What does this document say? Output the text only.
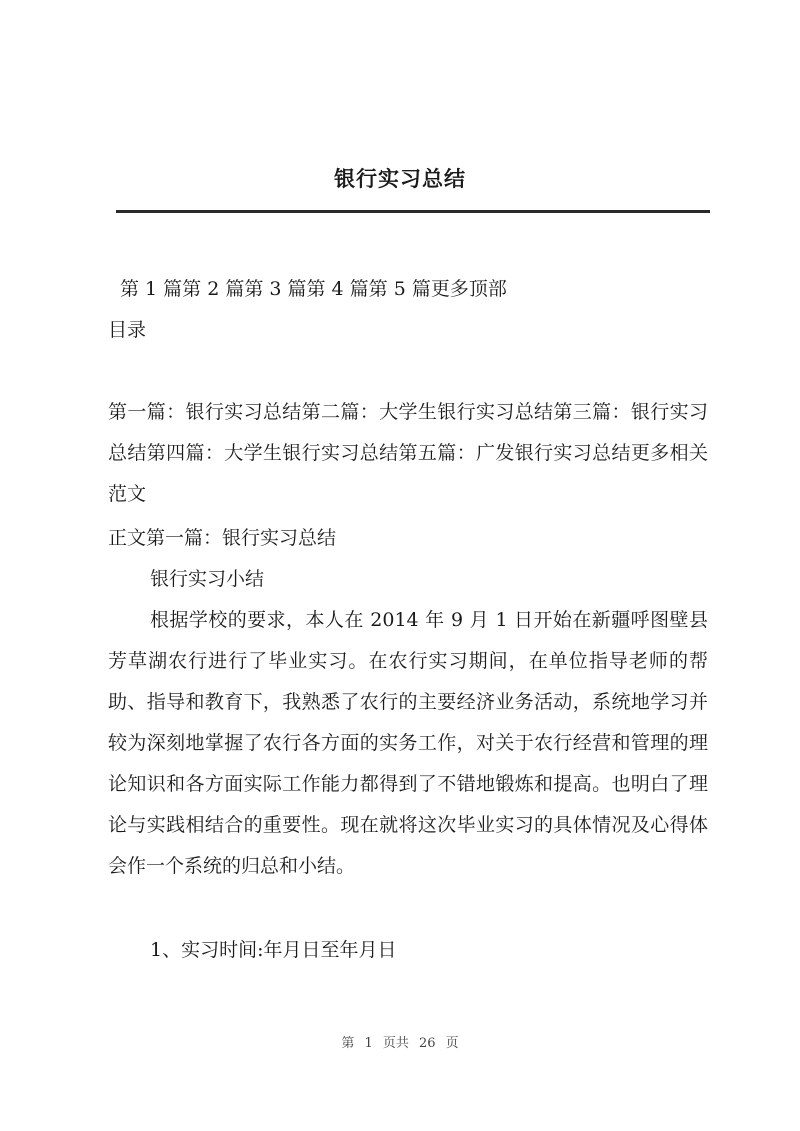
银行实习总结
第 1 篇第 2 篇第 3 篇第 4 篇第 5 篇更多顶部
目录
第一篇：银行实习总结第二篇：大学生银行实习总结第三篇：银行实习总结第四篇：大学生银行实习总结第五篇：广发银行实习总结更多相关范文
正文第一篇：银行实习总结
银行实习小结
根据学校的要求，本人在 2014 年 9 月 1 日开始在新疆呼图壁县芳草湖农行进行了毕业实习。在农行实习期间，在单位指导老师的帮助、指导和教育下，我熟悉了农行的主要经济业务活动，系统地学习并较为深刻地掌握了农行各方面的实务工作，对关于农行经营和管理的理论知识和各方面实际工作能力都得到了不错地锻炼和提高。也明白了理论与实践相结合的重要性。现在就将这次毕业实习的具体情况及心得体会作一个系统的归总和小结。
1、实习时间:年月日至年月日
第 1 页共 26 页
